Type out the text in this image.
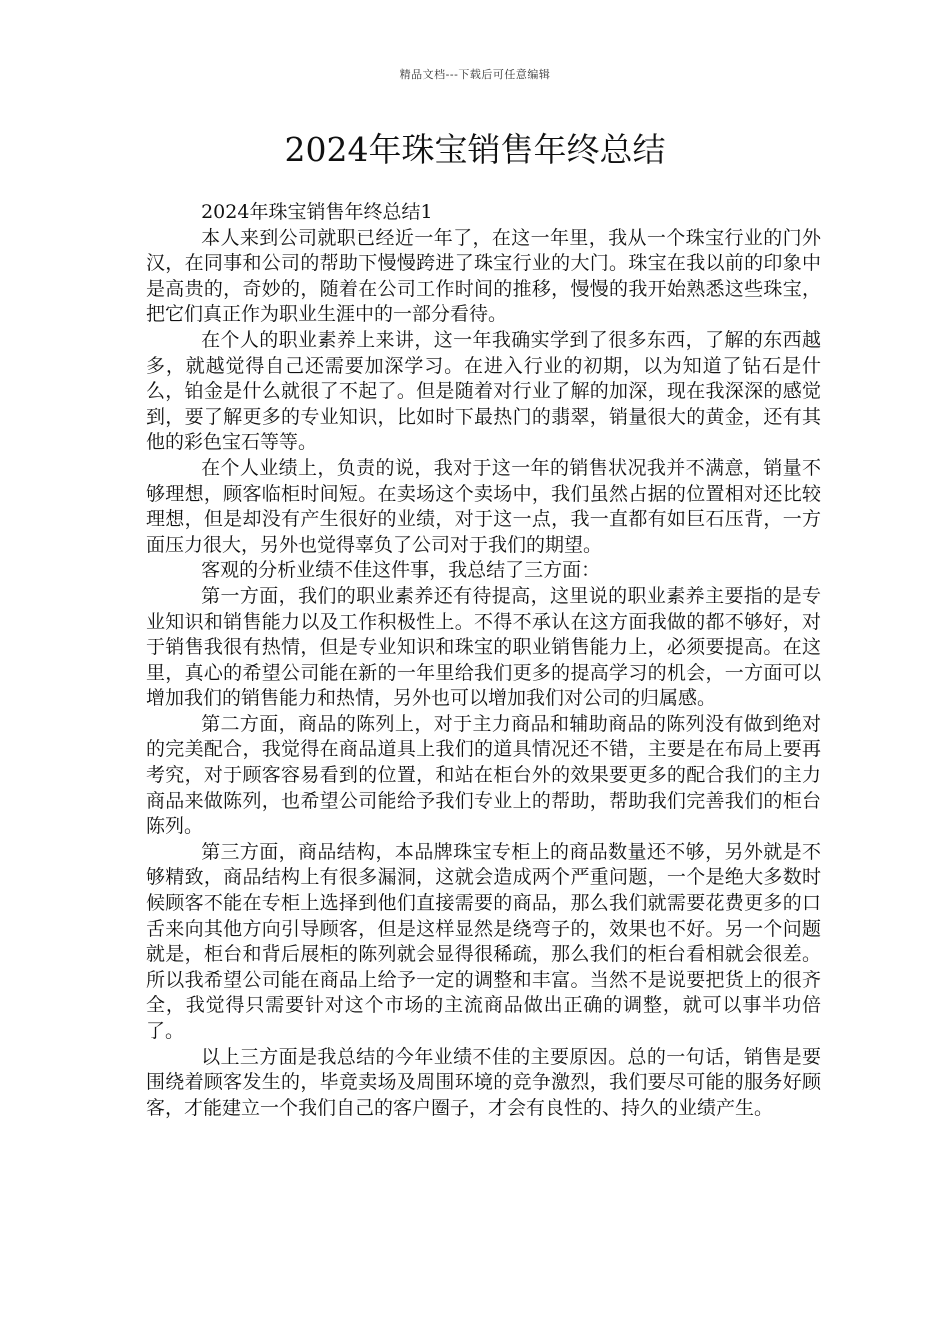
精品文档---下载后可任意编辑
2024年珠宝销售年终总结

2024年珠宝销售年终总结1

本人来到公司就职已经近一年了，在这一年里，我从一个珠宝行业的门外汉，在同事和公司的帮助下慢慢跨进了珠宝行业的大门。珠宝在我以前的印象中是高贵的，奇妙的，随着在公司工作时间的推移，慢慢的我开始熟悉这些珠宝，把它们真正作为职业生涯中的一部分看待。

在个人的职业素养上来讲，这一年我确实学到了很多东西，了解的东西越多，就越觉得自己还需要加深学习。在进入行业的初期，以为知道了钻石是什么，铂金是什么就很了不起了。但是随着对行业了解的加深，现在我深深的感觉到，要了解更多的专业知识，比如时下最热门的翡翠，销量很大的黄金，还有其他的彩色宝石等等。

在个人业绩上，负责的说，我对于这一年的销售状况我并不满意，销量不够理想，顾客临柜时间短。在卖场这个卖场中，我们虽然占据的位置相对还比较理想，但是却没有产生很好的业绩，对于这一点，我一直都有如巨石压背，一方面压力很大，另外也觉得辜负了公司对于我们的期望。

客观的分析业绩不佳这件事，我总结了三方面：

第一方面，我们的职业素养还有待提高，这里说的职业素养主要指的是专业知识和销售能力以及工作积极性上。不得不承认在这方面我做的都不够好，对于销售我很有热情，但是专业知识和珠宝的职业销售能力上，必须要提高。在这里，真心的希望公司能在新的一年里给我们更多的提高学习的机会，一方面可以增加我们的销售能力和热情，另外也可以增加我们对公司的归属感。

第二方面，商品的陈列上，对于主力商品和辅助商品的陈列没有做到绝对的完美配合，我觉得在商品道具上我们的道具情况还不错，主要是在布局上要再考究，对于顾客容易看到的位置，和站在柜台外的效果要更多的配合我们的主力商品来做陈列，也希望公司能给予我们专业上的帮助，帮助我们完善我们的柜台陈列。

第三方面，商品结构，本品牌珠宝专柜上的商品数量还不够，另外就是不够精致，商品结构上有很多漏洞，这就会造成两个严重问题，一个是绝大多数时候顾客不能在专柜上选择到他们直接需要的商品，那么我们就需要花费更多的口舌来向其他方向引导顾客，但是这样显然是绕弯子的，效果也不好。另一个问题就是，柜台和背后展柜的陈列就会显得很稀疏，那么我们的柜台看相就会很差。所以我希望公司能在商品上给予一定的调整和丰富。当然不是说要把货上的很齐全，我觉得只需要针对这个市场的主流商品做出正确的调整，就可以事半功倍了。

以上三方面是我总结的今年业绩不佳的主要原因。总的一句话，销售是要围绕着顾客发生的，毕竟卖场及周围环境的竞争激烈，我们要尽可能的服务好顾客，才能建立一个我们自己的客户圈子，才会有良性的、持久的业绩产生。
